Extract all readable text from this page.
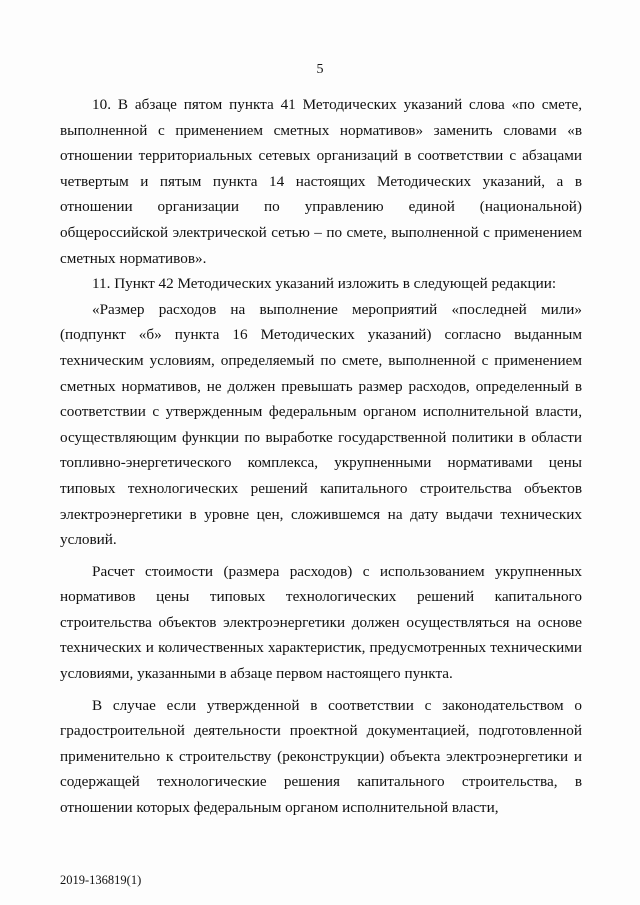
5

10. В абзаце пятом пункта 41 Методических указаний слова «по смете, выполненной с применением сметных нормативов» заменить словами «в отношении территориальных сетевых организаций в соответствии с абзацами четвертым и пятым пункта 14 настоящих Методических указаний, а в отношении организации по управлению единой (национальной) общероссийской электрической сетью – по смете, выполненной с применением сметных нормативов».

11. Пункт 42 Методических указаний изложить в следующей редакции:

«Размер расходов на выполнение мероприятий «последней мили» (подпункт «б» пункта 16 Методических указаний) согласно выданным техническим условиям, определяемый по смете, выполненной с применением сметных нормативов, не должен превышать размер расходов, определенный в соответствии с утвержденным федеральным органом исполнительной власти, осуществляющим функции по выработке государственной политики в области топливно-энергетического комплекса, укрупненными нормативами цены типовых технологических решений капитального строительства объектов электроэнергетики в уровне цен, сложившемся на дату выдачи технических условий.

Расчет стоимости (размера расходов) с использованием укрупненных нормативов цены типовых технологических решений капитального строительства объектов электроэнергетики должен осуществляться на основе технических и количественных характеристик, предусмотренных техническими условиями, указанными в абзаце первом настоящего пункта.

В случае если утвержденной в соответствии с законодательством о градостроительной деятельности проектной документацией, подготовленной применительно к строительству (реконструкции) объекта электроэнергетики и содержащей технологические решения капитального строительства, в отношении которых федеральным органом исполнительной власти,

2019-136819(1)
